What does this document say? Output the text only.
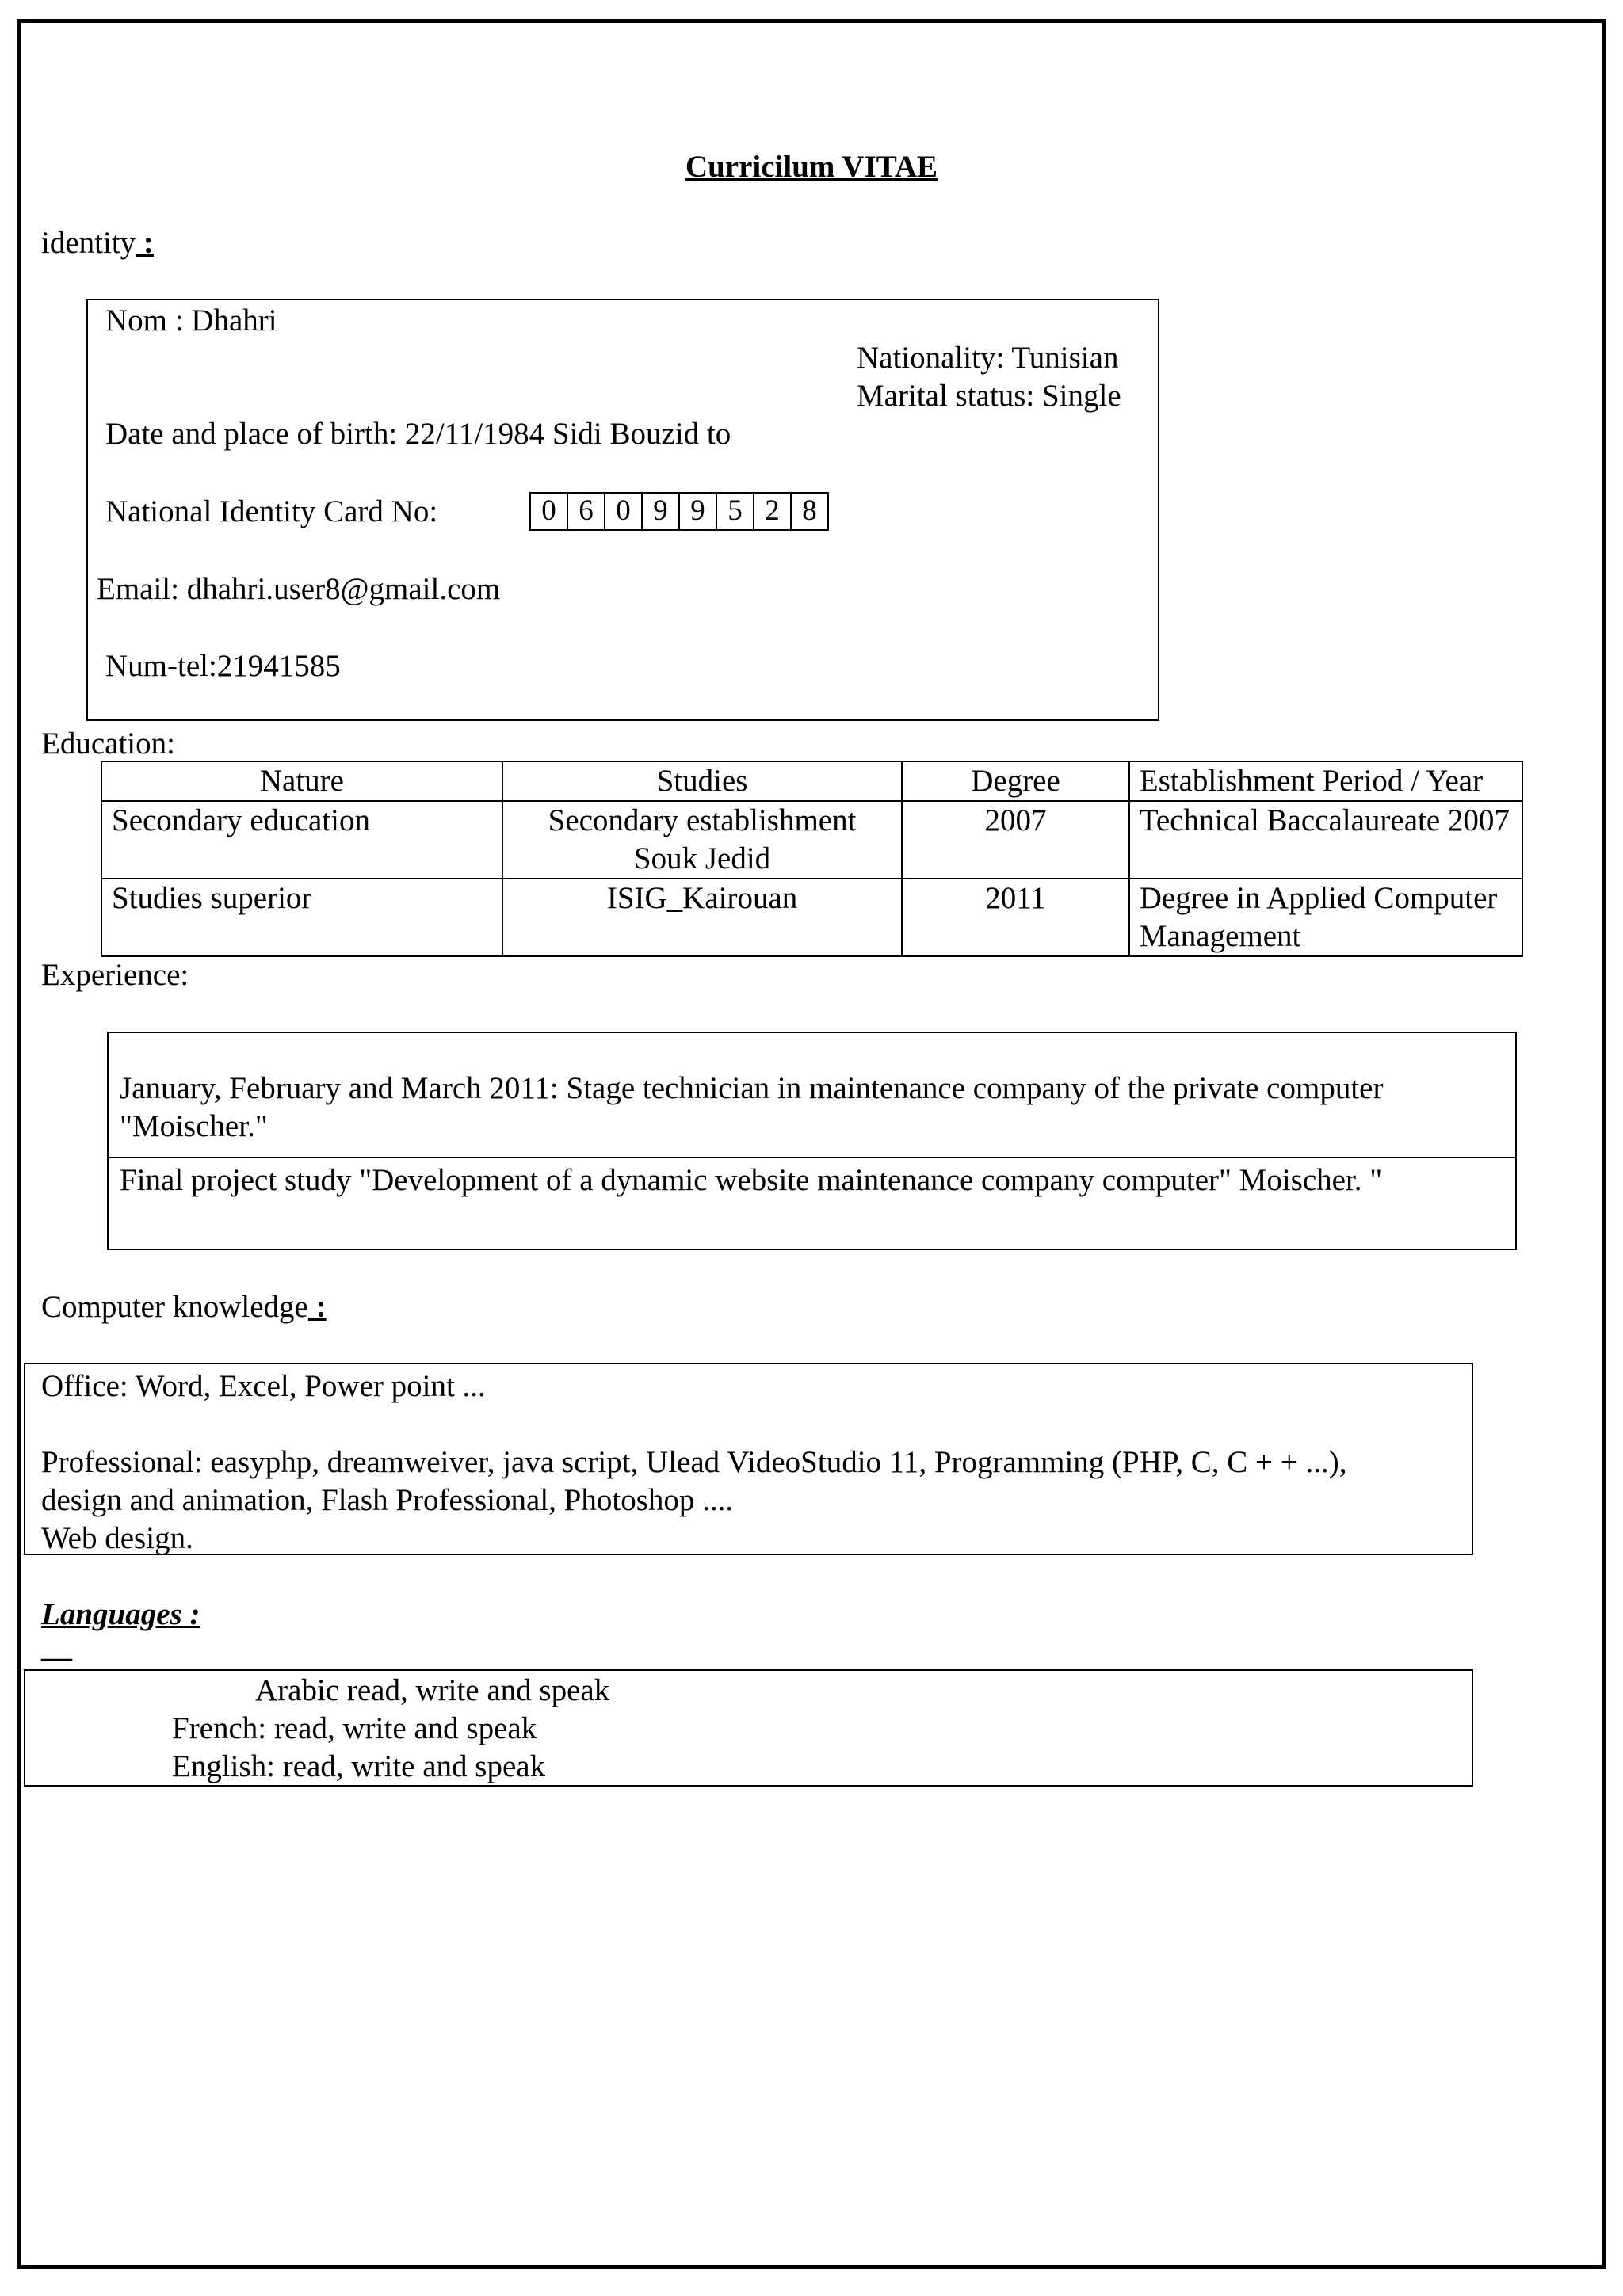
Curricilum VITAE
identity :
Nom : Dhahri
Nationality: Tunisian
Marital status: Single
Date and place of birth: 22/11/1984 Sidi Bouzid to
National Identity Card No:	0 6 0 9 9 5 2 8
Email: dhahri.user8@gmail.com
Num-tel:21941585
Education:
Nature	Studies	Degree	Establishment Period / Year
Secondary education	Secondary establishment Souk Jedid	2007	Technical Baccalaureate 2007
Studies superior	ISIG_Kairouan	2011	Degree in Applied Computer Management
Experience:
January, February and March 2011: Stage technician in maintenance company of the private computer "Moischer."
Final project study "Development of a dynamic website maintenance company computer" Moischer. "
Computer knowledge :
Office: Word, Excel, Power point ...
Professional: easyphp, dreamweiver, java script, Ulead VideoStudio 11, Programming (PHP, C, C + + ...),
design and animation, Flash Professional, Photoshop ....
Web design.
Languages :
__
Arabic read, write and speak
French: read, write and speak
English: read, write and speak
